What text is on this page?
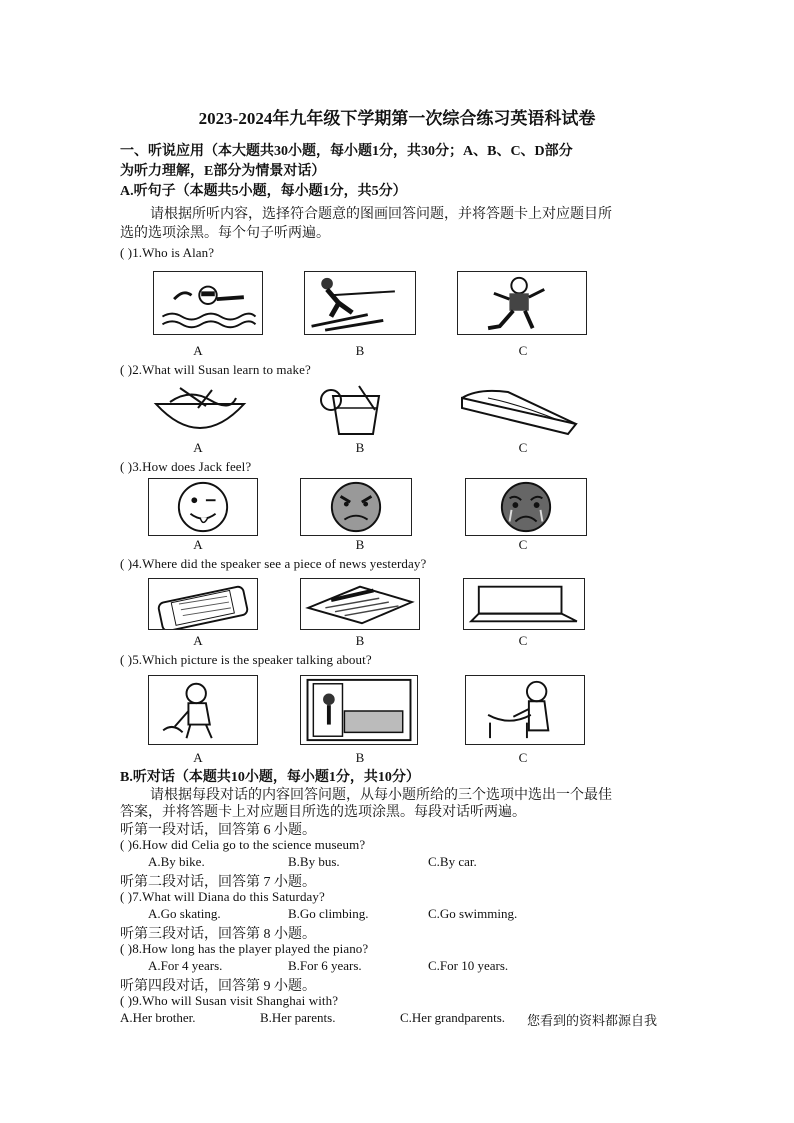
2023-2024年九年级下学期第一次综合练习英语科试卷
一、听说应用（本大题共30小题，每小题1分，共30分；A、B、C、D部分
为听力理解，E部分为情景对话）
A.听句子（本题共5小题，每小题1分，共5分）
请根据所听内容，选择符合题意的图画回答问题，并将答题卡上对应题目所
选的选项涂黑。每个句子听两遍。
( )1.Who is Alan?
A	B	C
( )2.What will Susan learn to make?
A	B	C
( )3.How does Jack feel?
A	B	C
( )4.Where did the speaker see a piece of news yesterday?
A	B	C
( )5.Which picture is the speaker talking about?
A	B	C
B.听对话（本题共10小题，每小题1分，共10分）
请根据每段对话的内容回答问题，从每小题所给的三个选项中选出一个最佳
答案，并将答题卡上对应题目所选的选项涂黑。每段对话听两遍。
听第一段对话，回答第 6 小题。
( )6.How did Celia go to the science museum?
A.By bike.	B.By bus.	C.By car.
听第二段对话，回答第 7 小题。
( )7.What will Diana do this Saturday?
A.Go skating.	B.Go climbing.	C.Go swimming.
听第三段对话，回答第 8 小题。
( )8.How long has the player played the piano?
A.For 4 years.	B.For 6 years.	C.For 10 years.
听第四段对话，回答第 9 小题。
( )9.Who will Susan visit Shanghai with?
A.Her brother.	B.Her parents.	C.Her grandparents. 您看到的资料都源自我
